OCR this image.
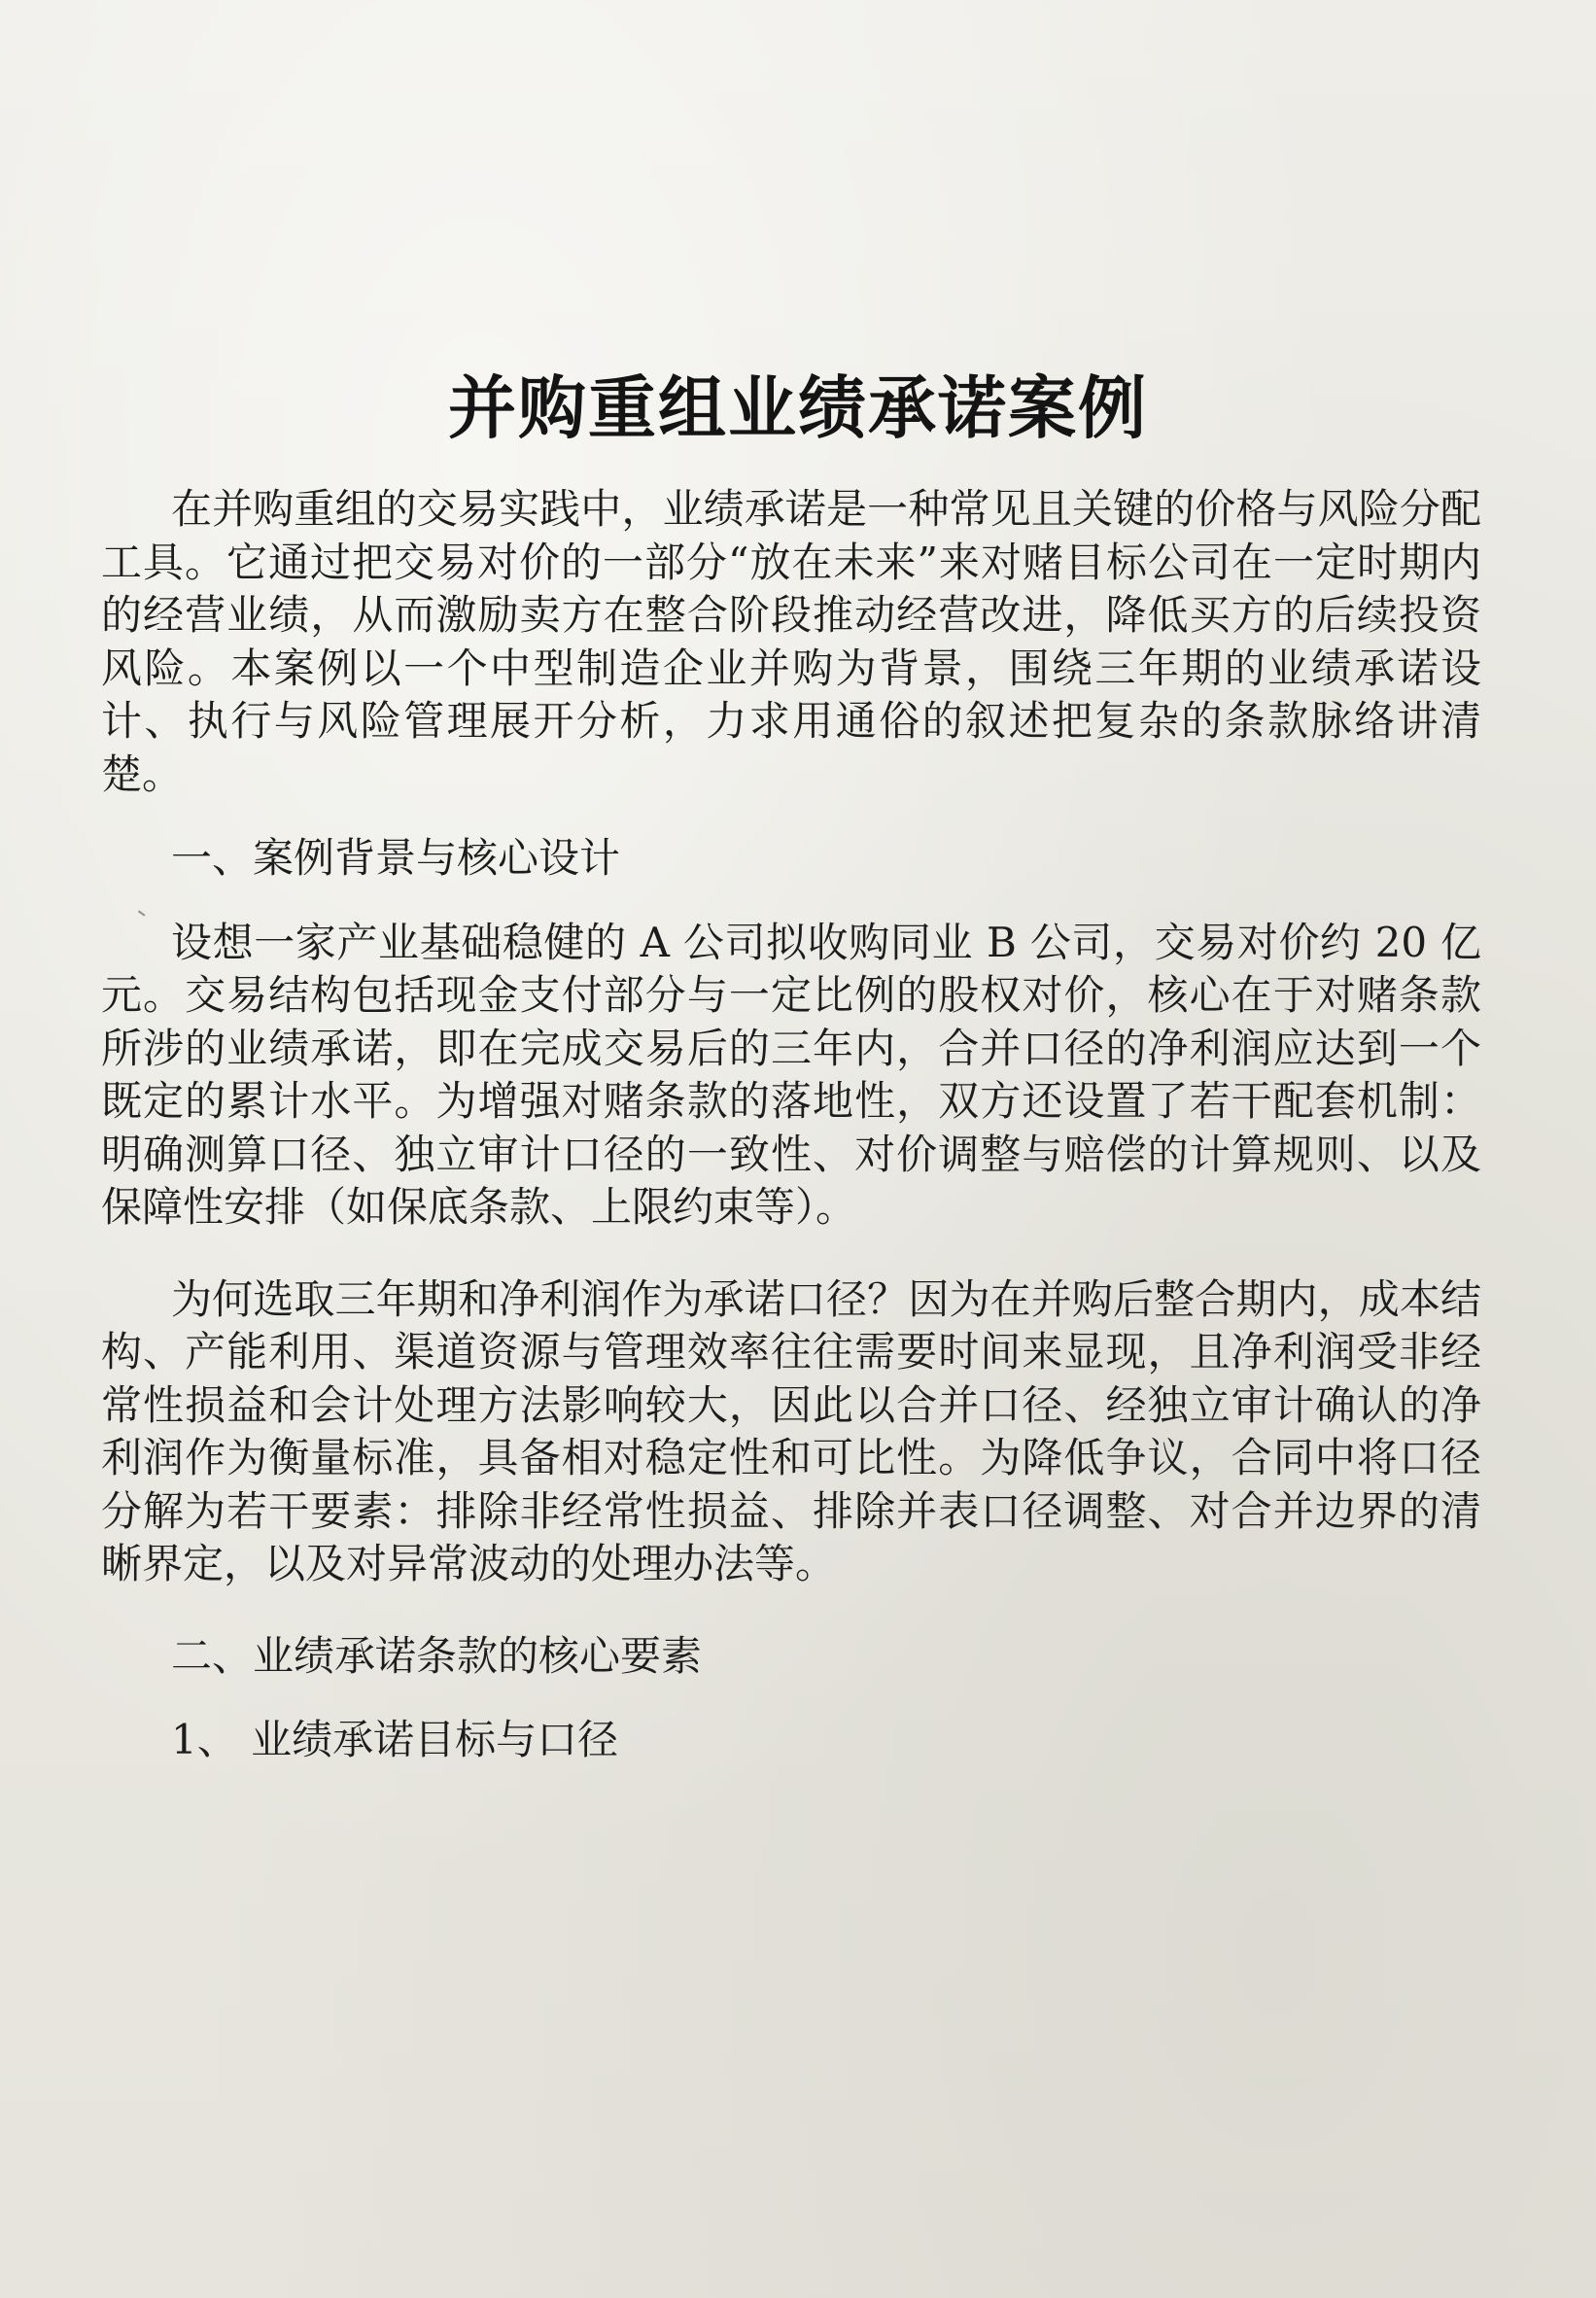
并购重组业绩承诺案例

在并购重组的交易实践中，业绩承诺是一种常见且关键的价格与风险分配工具。它通过把交易对价的一部分“放在未来”来对赌目标公司在一定时期内的经营业绩，从而激励卖方在整合阶段推动经营改进，降低买方的后续投资风险。本案例以一个中型制造企业并购为背景，围绕三年期的业绩承诺设计、执行与风险管理展开分析，力求用通俗的叙述把复杂的条款脉络讲清楚。

一、案例背景与核心设计

设想一家产业基础稳健的 A 公司拟收购同业 B 公司，交易对价约 20 亿元。交易结构包括现金支付部分与一定比例的股权对价，核心在于对赌条款所涉的业绩承诺，即在完成交易后的三年内，合并口径的净利润应达到一个既定的累计水平。为增强对赌条款的落地性，双方还设置了若干配套机制：明确测算口径、独立审计口径的一致性、对价调整与赔偿的计算规则、以及保障性安排（如保底条款、上限约束等）。

为何选取三年期和净利润作为承诺口径？因为在并购后整合期内，成本结构、产能利用、渠道资源与管理效率往往需要时间来显现，且净利润受非经常性损益和会计处理方法影响较大，因此以合并口径、经独立审计确认的净利润作为衡量标准，具备相对稳定性和可比性。为降低争议，合同中将口径分解为若干要素：排除非经常性损益、排除并表口径调整、对合并边界的清晰界定，以及对异常波动的处理办法等。

二、业绩承诺条款的核心要素

1、 业绩承诺目标与口径
